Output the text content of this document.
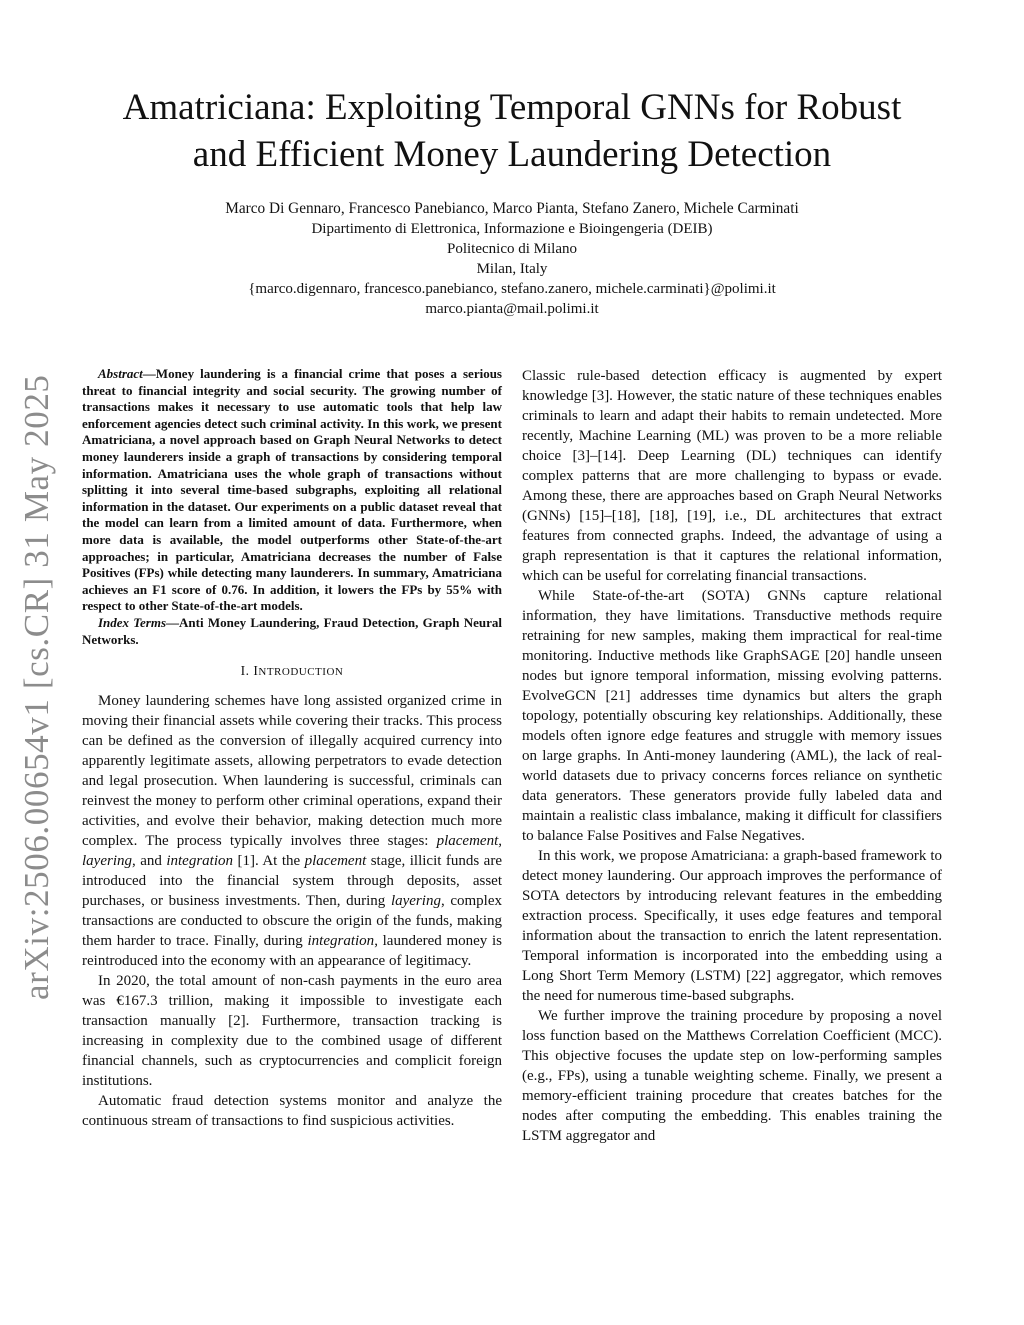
arXiv:2506.00654v1 [cs.CR] 31 May 2025
Amatriciana: Exploiting Temporal GNNs for Robust
and Efficient Money Laundering Detection
Marco Di Gennaro, Francesco Panebianco, Marco Pianta, Stefano Zanero, Michele Carminati
Dipartimento di Elettronica, Informazione e Bioingengeria (DEIB)
Politecnico di Milano
Milan, Italy
{marco.digennaro, francesco.panebianco, stefano.zanero, michele.carminati}@polimi.it
marco.pianta@mail.polimi.it

Abstract—Money laundering is a financial crime that poses a serious threat to financial integrity and social security. The growing number of transactions makes it necessary to use automatic tools that help law enforcement agencies detect such criminal activity. In this work, we present Amatriciana, a novel approach based on Graph Neural Networks to detect money launderers inside a graph of transactions by considering temporal information. Amatriciana uses the whole graph of transactions without splitting it into several time-based subgraphs, exploiting all relational information in the dataset. Our experiments on a public dataset reveal that the model can learn from a limited amount of data. Furthermore, when more data is available, the model outperforms other State-of-the-art approaches; in particular, Amatriciana decreases the number of False Positives (FPs) while detecting many launderers. In summary, Amatriciana achieves an F1 score of 0.76. In addition, it lowers the FPs by 55% with respect to other State-of-the-art models.

Index Terms—Anti Money Laundering, Fraud Detection, Graph Neural Networks.

I. INTRODUCTION

Money laundering schemes have long assisted organized crime in moving their financial assets while covering their tracks. This process can be defined as the conversion of illegally acquired currency into apparently legitimate assets, allowing perpetrators to evade detection and legal prosecution. When laundering is successful, criminals can reinvest the money to perform other criminal operations, expand their activities, and evolve their behavior, making detection much more complex. The process typically involves three stages: placement, layering, and integration [1]. At the placement stage, illicit funds are introduced into the financial system through deposits, asset purchases, or business investments. Then, during layering, complex transactions are conducted to obscure the origin of the funds, making them harder to trace. Finally, during integration, laundered money is reintroduced into the economy with an appearance of legitimacy.

In 2020, the total amount of non-cash payments in the euro area was €167.3 trillion, making it impossible to investigate each transaction manually [2]. Furthermore, transaction tracking is increasing in complexity due to the combined usage of different financial channels, such as cryptocurrencies and complicit foreign institutions.

Automatic fraud detection systems monitor and analyze the continuous stream of transactions to find suspicious activities.

Classic rule-based detection efficacy is augmented by expert knowledge [3]. However, the static nature of these techniques enables criminals to learn and adapt their habits to remain undetected. More recently, Machine Learning (ML) was proven to be a more reliable choice [3]–[14]. Deep Learning (DL) techniques can identify complex patterns that are more challenging to bypass or evade. Among these, there are approaches based on Graph Neural Networks (GNNs) [15]–[18], [18], [19], i.e., DL architectures that extract features from connected graphs. Indeed, the advantage of using a graph representation is that it captures the relational information, which can be useful for correlating financial transactions.

While State-of-the-art (SOTA) GNNs capture relational information, they have limitations. Transductive methods require retraining for new samples, making them impractical for real-time monitoring. Inductive methods like GraphSAGE [20] handle unseen nodes but ignore temporal information, missing evolving patterns. EvolveGCN [21] addresses time dynamics but alters the graph topology, potentially obscuring key relationships. Additionally, these models often ignore edge features and struggle with memory issues on large graphs. In Anti-money laundering (AML), the lack of real-world datasets due to privacy concerns forces reliance on synthetic data generators. These generators provide fully labeled data and maintain a realistic class imbalance, making it difficult for classifiers to balance False Positives and False Negatives.

In this work, we propose Amatriciana: a graph-based framework to detect money laundering. Our approach improves the performance of SOTA detectors by introducing relevant features in the embedding extraction process. Specifically, it uses edge features and temporal information about the transaction to enrich the latent representation. Temporal information is incorporated into the embedding using a Long Short Term Memory (LSTM) [22] aggregator, which removes the need for numerous time-based subgraphs.

We further improve the training procedure by proposing a novel loss function based on the Matthews Correlation Coefficient (MCC). This objective focuses the update step on low-performing samples (e.g., FPs), using a tunable weighting scheme. Finally, we present a memory-efficient training procedure that creates batches for the nodes after computing the embedding. This enables training the LSTM aggregator and
